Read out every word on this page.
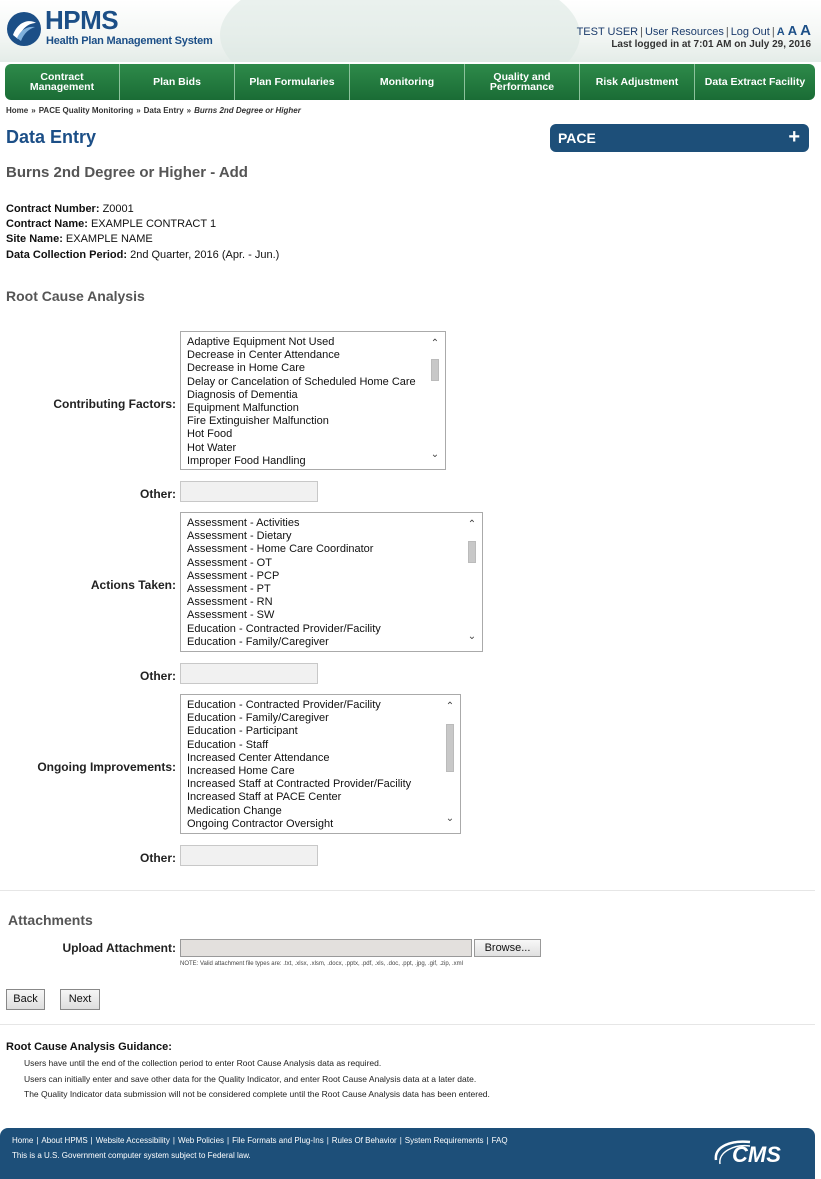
HPMS
Health Plan Management System
TEST USER | User Resources | Log Out | A A A
Last logged in at 7:01 AM on July 29, 2016
Contract Management	Plan Bids	Plan Formularies	Monitoring	Quality and Performance	Risk Adjustment	Data Extract Facility
Home » PACE Quality Monitoring » Data Entry » Burns 2nd Degree or Higher
Data Entry	PACE	+
Burns 2nd Degree or Higher - Add
Contract Number: Z0001
Contract Name: EXAMPLE CONTRACT 1
Site Name: EXAMPLE NAME
Data Collection Period: 2nd Quarter, 2016 (Apr. - Jun.)
Root Cause Analysis
Contributing Factors:
Adaptive Equipment Not Used
Decrease in Center Attendance
Decrease in Home Care
Delay or Cancelation of Scheduled Home Care
Diagnosis of Dementia
Equipment Malfunction
Fire Extinguisher Malfunction
Hot Food
Hot Water
Improper Food Handling
⌃
⌄
Other:
Actions Taken:
Assessment - Activities
Assessment - Dietary
Assessment - Home Care Coordinator
Assessment - OT
Assessment - PCP
Assessment - PT
Assessment - RN
Assessment - SW
Education - Contracted Provider/Facility
Education - Family/Caregiver
⌃
⌄
Other:
Ongoing Improvements:
Education - Contracted Provider/Facility
Education - Family/Caregiver
Education - Participant
Education - Staff
Increased Center Attendance
Increased Home Care
Increased Staff at Contracted Provider/Facility
Increased Staff at PACE Center
Medication Change
Ongoing Contractor Oversight
⌃
⌄
Other:
Attachments
Upload Attachment:	Browse...
NOTE: Valid attachment file types are: .txt, .xlsx, .xlsm, .docx, .pptx, .pdf, .xls, .doc, .ppt, .jpg, .gif, .zip, .xml
Back	Next
Root Cause Analysis Guidance:
Users have until the end of the collection period to enter Root Cause Analysis data as required.
Users can initially enter and save other data for the Quality Indicator, and enter Root Cause Analysis data at a later date.
The Quality Indicator data submission will not be considered complete until the Root Cause Analysis data has been entered.
Home | About HPMS | Website Accessibility | Web Policies | File Formats and Plug-Ins | Rules Of Behavior | System Requirements | FAQ
This is a U.S. Government computer system subject to Federal law.	CMS
